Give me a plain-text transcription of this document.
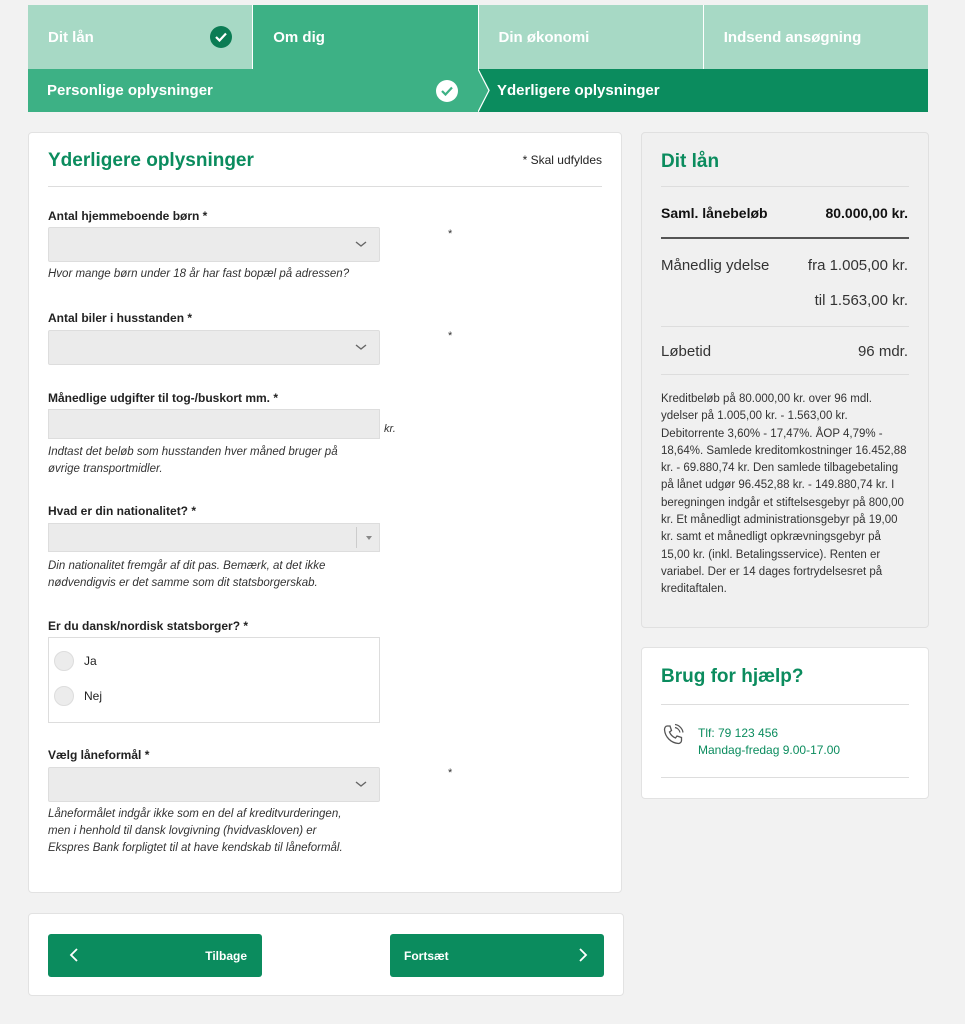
Dit lån	Om dig	Din økonomi	Indsend ansøgning
Personlige oplysninger	Yderligere oplysninger
Yderligere oplysninger	* Skal udfyldes
Antal hjemmeboende børn *
*
Hvor mange børn under 18 år har fast bopæl på adressen?
Antal biler i husstanden *
*
Månedlige udgifter til tog-/buskort mm. *
kr.
Indtast det beløb som husstanden hver måned bruger på
øvrige transportmidler.
Hvad er din nationalitet? *
Din nationalitet fremgår af dit pas. Bemærk, at det ikke
nødvendigvis er det samme som dit statsborgerskab.
Er du dansk/nordisk statsborger? *
Ja
Nej
Vælg låneformål *
*
Låneformålet indgår ikke som en del af kreditvurderingen,
men i henhold til dansk lovgivning (hvidvaskloven) er
Ekspres Bank forpligtet til at have kendskab til låneformål.
Tilbage	Fortsæt
Dit lån
Saml. lånebeløb	80.000,00 kr.
Månedlig ydelse	fra 1.005,00 kr.
til 1.563,00 kr.
Løbetid	96 mdr.
Kreditbeløb på 80.000,00 kr. over 96 mdl. ydelser på 1.005,00 kr. - 1.563,00 kr. Debitorrente 3,60% - 17,47%. ÅOP 4,79% - 18,64%. Samlede kreditomkostninger 16.452,88 kr. - 69.880,74 kr. Den samlede tilbagebetaling på lånet udgør 96.452,88 kr. - 149.880,74 kr. I beregningen indgår et stiftelsesgebyr på 800,00 kr. Et månedligt administrationsgebyr på 19,00 kr. samt et månedligt opkrævningsgebyr på 15,00 kr. (inkl. Betalingsservice). Renten er variabel. Der er 14 dages fortrydelsesret på kreditaftalen.
Brug for hjælp?
Tlf: 79 123 456
Mandag-fredag 9.00-17.00
